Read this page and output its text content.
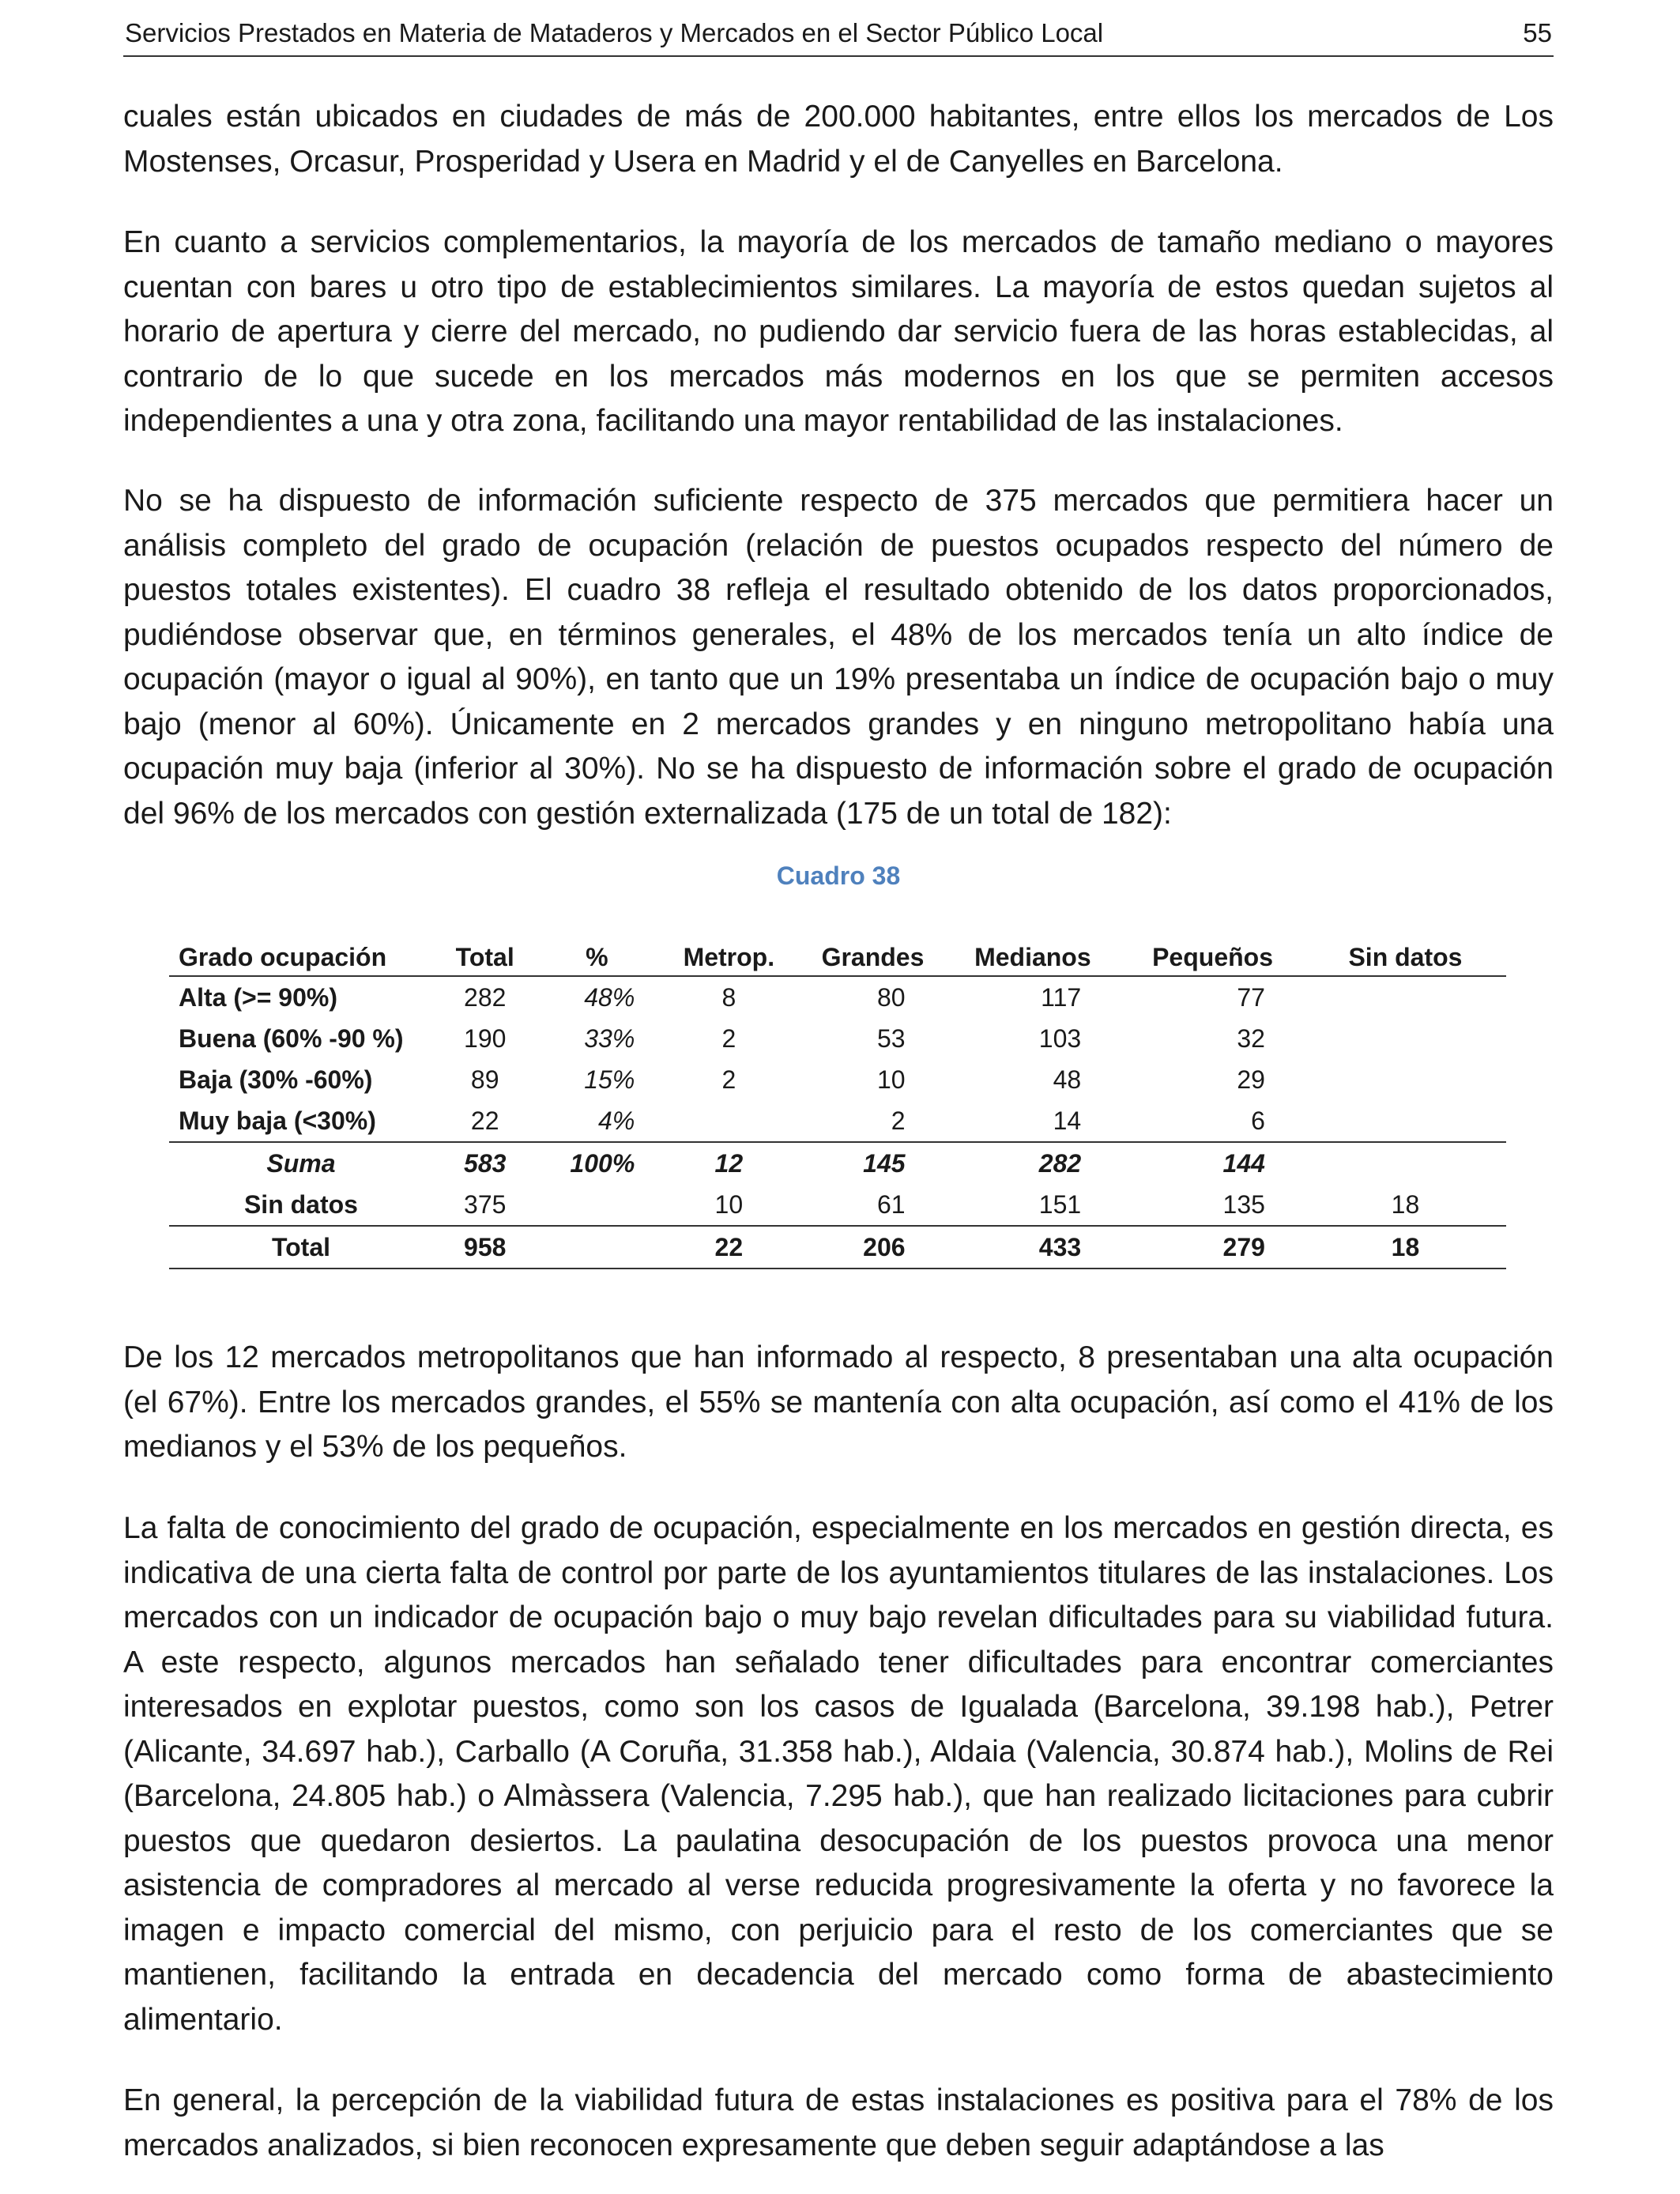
Servicios Prestados en Materia de Mataderos y Mercados en el Sector Público Local	55

cuales están ubicados en ciudades de más de 200.000 habitantes, entre ellos los mercados de Los Mostenses, Orcasur, Prosperidad y Usera en Madrid y el de Canyelles en Barcelona.

En cuanto a servicios complementarios, la mayoría de los mercados de tamaño mediano o mayores cuentan con bares u otro tipo de establecimientos similares. La mayoría de estos quedan sujetos al horario de apertura y cierre del mercado, no pudiendo dar servicio fuera de las horas establecidas, al contrario de lo que sucede en los mercados más modernos en los que se permiten accesos independientes a una y otra zona, facilitando una mayor rentabilidad de las instalaciones.

No se ha dispuesto de información suficiente respecto de 375 mercados que permitiera hacer un análisis completo del grado de ocupación (relación de puestos ocupados respecto del número de puestos totales existentes). El cuadro 38 refleja el resultado obtenido de los datos proporcionados, pudiéndose observar que, en términos generales, el 48% de los mercados tenía un alto índice de ocupación (mayor o igual al 90%), en tanto que un 19% presentaba un índice de ocupación bajo o muy bajo (menor al 60%). Únicamente en 2 mercados grandes y en ninguno metropolitano había una ocupación muy baja (inferior al 30%). No se ha dispuesto de información sobre el grado de ocupación del 96% de los mercados con gestión externalizada (175 de un total de 182):

Cuadro 38
Grado ocupación	Total	%	Metrop.	Grandes	Medianos	Pequeños	Sin datos
Alta (>= 90%)	282	48%	8	80	117	77	
Buena (60% -90 %)	190	33%	2	53	103	32	
Baja (30% -60%)	89	15%	2	10	48	29	
Muy baja (<30%)	22	4%		2	14	6	
Suma	583	100%	12	145	282	144	
Sin datos	375		10	61	151	135	18
Total	958		22	206	433	279	18

De los 12 mercados metropolitanos que han informado al respecto, 8 presentaban una alta ocupación (el 67%). Entre los mercados grandes, el 55% se mantenía con alta ocupación, así como el 41% de los medianos y el 53% de los pequeños.

La falta de conocimiento del grado de ocupación, especialmente en los mercados en gestión directa, es indicativa de una cierta falta de control por parte de los ayuntamientos titulares de las instalaciones. Los mercados con un indicador de ocupación bajo o muy bajo revelan dificultades para su viabilidad futura. A este respecto, algunos mercados han señalado tener dificultades para encontrar comerciantes interesados en explotar puestos, como son los casos de Igualada (Barcelona, 39.198 hab.), Petrer (Alicante, 34.697 hab.), Carballo (A Coruña, 31.358 hab.), Aldaia (Valencia, 30.874 hab.), Molins de Rei (Barcelona, 24.805 hab.) o Almàssera (Valencia, 7.295 hab.), que han realizado licitaciones para cubrir puestos que quedaron desiertos. La paulatina desocupación de los puestos provoca una menor asistencia de compradores al mercado al verse reducida progresivamente la oferta y no favorece la imagen e impacto comercial del mismo, con perjuicio para el resto de los comerciantes que se mantienen, facilitando la entrada en decadencia del mercado como forma de abastecimiento alimentario.

En general, la percepción de la viabilidad futura de estas instalaciones es positiva para el 78% de los mercados analizados, si bien reconocen expresamente que deben seguir adaptándose a las
